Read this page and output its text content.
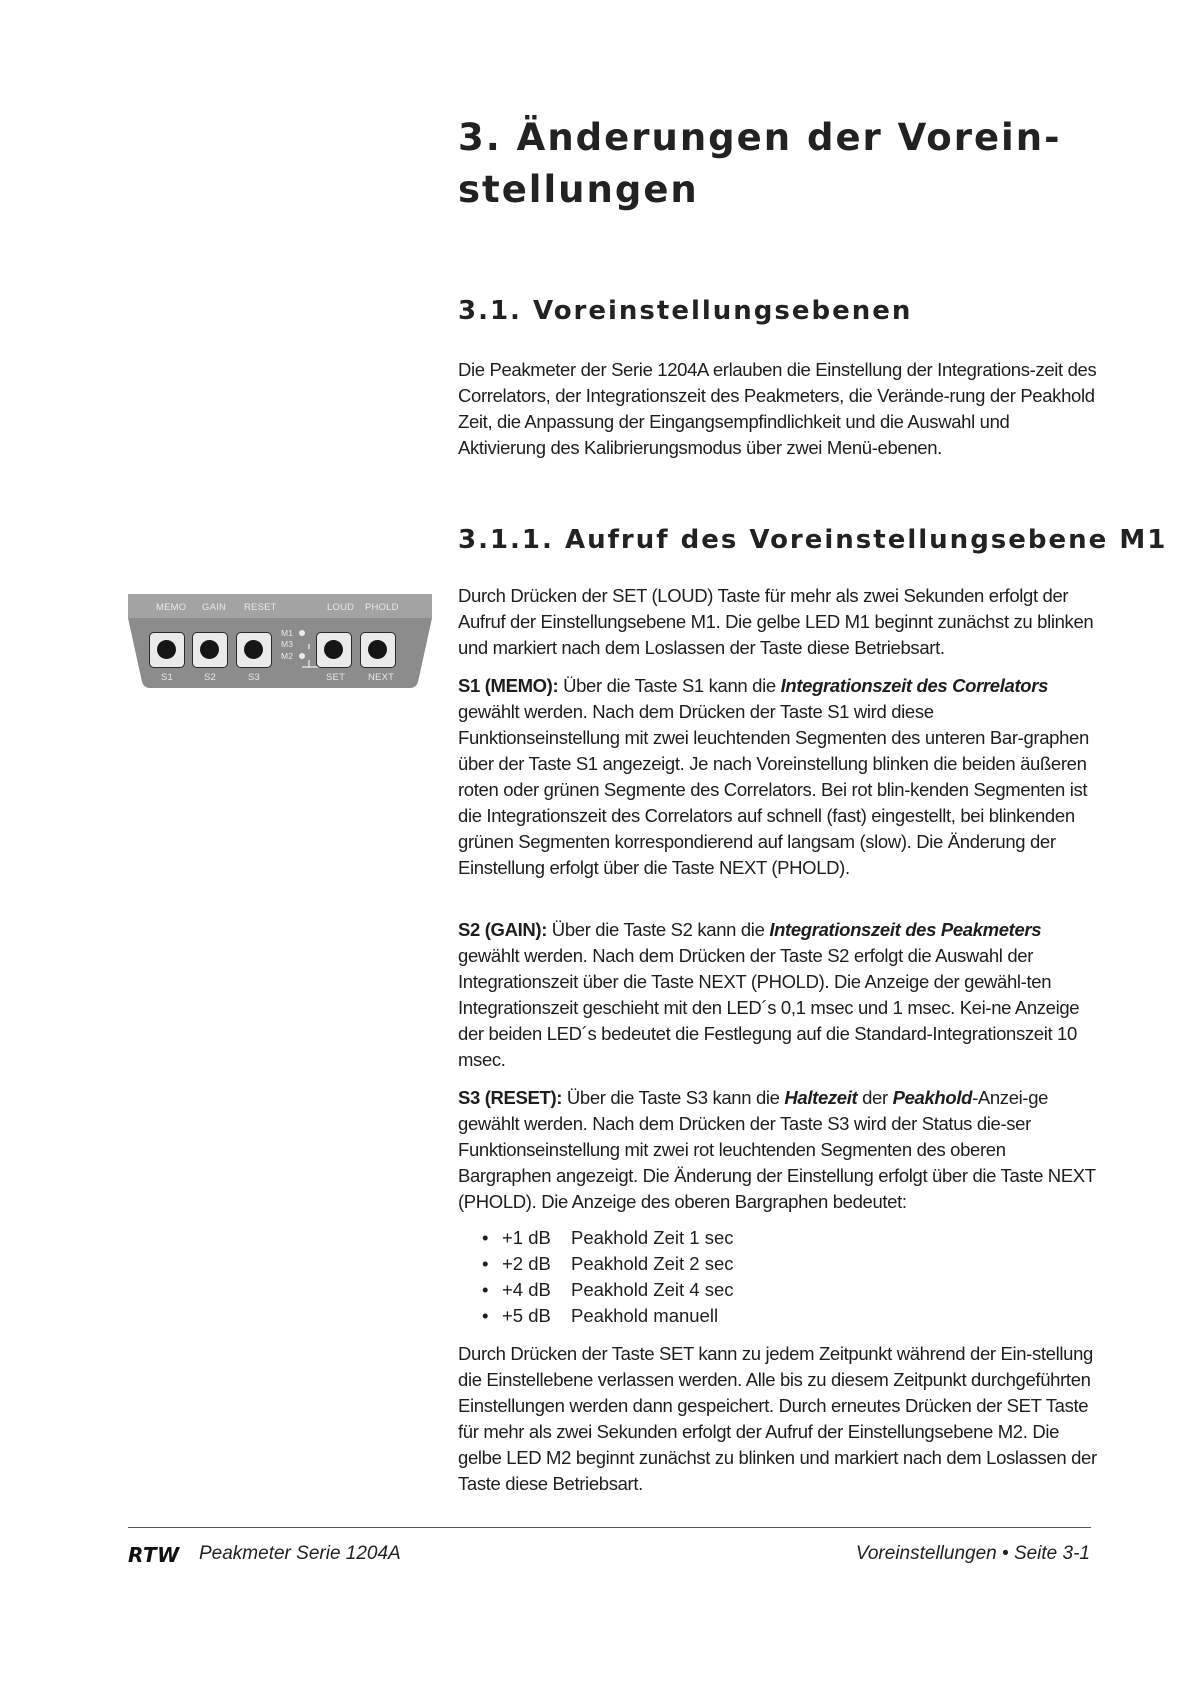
3. Änderungen der Vorein-
stellungen
3.1. Voreinstellungsebenen

Die Peakmeter der Serie 1204A erlauben die Einstellung der Integrations-zeit des Correlators, der Integrationszeit des Peakmeters, die Verände-rung der Peakhold Zeit, die Anpassung der Eingangsempfindlichkeit und die Auswahl und Aktivierung des Kalibrierungsmodus über zwei Menü-ebenen.

3.1.1. Aufruf des Voreinstellungsebene M1
MEMO GAIN RESET	LOUD PHOLD
M1
M3
M2
S1	S2	S3	SET NEXT

Durch Drücken der SET (LOUD) Taste für mehr als zwei Sekunden erfolgt der Aufruf der Einstellungsebene M1. Die gelbe LED M1 beginnt zunächst zu blinken und markiert nach dem Loslassen der Taste diese Betriebsart.

S1 (MEMO): Über die Taste S1 kann die Integrationszeit des Correlators gewählt werden. Nach dem Drücken der Taste S1 wird diese Funktionseinstellung mit zwei leuchtenden Segmenten des unteren Bar-graphen über der Taste S1 angezeigt. Je nach Voreinstellung blinken die beiden äußeren roten oder grünen Segmente des Correlators. Bei rot blin-kenden Segmenten ist die Integrationszeit des Correlators auf schnell (fast) eingestellt, bei blinkenden grünen Segmenten korrespondierend auf langsam (slow). Die Änderung der Einstellung erfolgt über die Taste NEXT (PHOLD).

S2 (GAIN): Über die Taste S2 kann die Integrationszeit des Peakmeters gewählt werden. Nach dem Drücken der Taste S2 erfolgt die Auswahl der Integrationszeit über die Taste NEXT (PHOLD). Die Anzeige der gewähl-ten Integrationszeit geschieht mit den LED´s 0,1 msec und 1 msec. Kei-ne Anzeige der beiden LED´s bedeutet die Festlegung auf die Standard-Integrationszeit 10 msec.

S3 (RESET): Über die Taste S3 kann die Haltezeit der Peakhold-Anzei-ge gewählt werden. Nach dem Drücken der Taste S3 wird der Status die-ser Funktionseinstellung mit zwei rot leuchtenden Segmenten des oberen Bargraphen angezeigt. Die Änderung der Einstellung erfolgt über die Taste NEXT (PHOLD). Die Anzeige des oberen Bargraphen bedeutet:

• +1 dB Peakhold Zeit 1 sec
• +2 dB Peakhold Zeit 2 sec
• +4 dB Peakhold Zeit 4 sec
• +5 dB Peakhold manuell

Durch Drücken der Taste SET kann zu jedem Zeitpunkt während der Ein-stellung die Einstellebene verlassen werden. Alle bis zu diesem Zeitpunkt durchgeführten Einstellungen werden dann gespeichert. Durch erneutes Drücken der SET Taste für mehr als zwei Sekunden erfolgt der Aufruf der Einstellungsebene M2. Die gelbe LED M2 beginnt zunächst zu blinken und markiert nach dem Loslassen der Taste diese Betriebsart.

RTW Peakmeter Serie 1204A	Voreinstellungen • Seite 3-1
